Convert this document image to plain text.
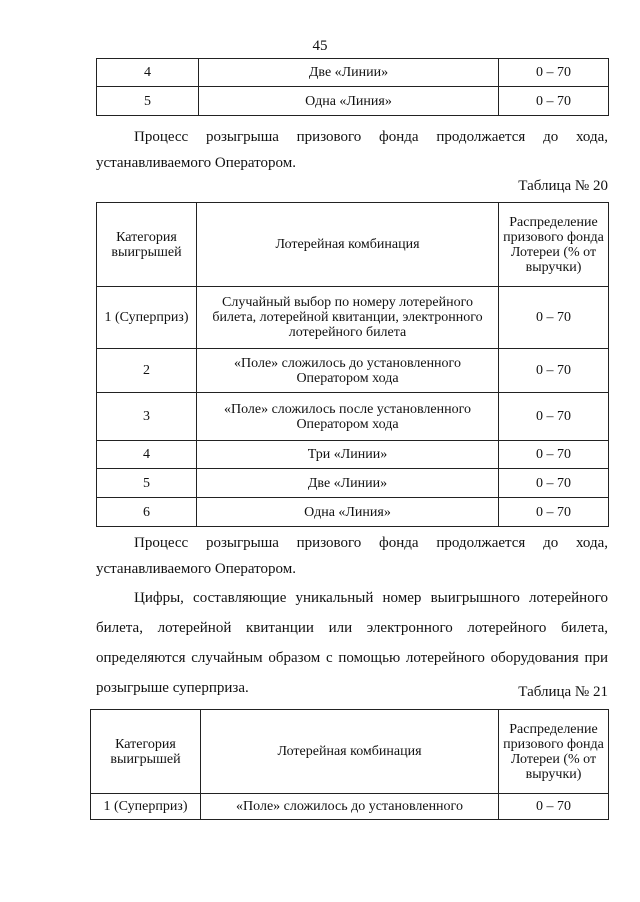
45
4	Две «Линии»	0 – 70
5	Одна «Линия»	0 – 70
Процесс розыгрыша призового фонда продолжается до хода, устанавливаемого Оператором.
Таблица № 20
Категория выигрышей	Лотерейная комбинация	Распределение призового фонда Лотереи (% от выручки)
1 (Суперприз)	Случайный выбор по номеру лотерейного билета, лотерейной квитанции, электронного лотерейного билета	0 – 70
2	«Поле» сложилось до установленного Оператором хода	0 – 70
3	«Поле» сложилось после установленного Оператором хода	0 – 70
4	Три «Линии»	0 – 70
5	Две «Линии»	0 – 70
6	Одна «Линия»	0 – 70
Процесс розыгрыша призового фонда продолжается до хода, устанавливаемого Оператором.
Цифры, составляющие уникальный номер выигрышного лотерейного билета, лотерейной квитанции или электронного лотерейного билета, определяются случайным образом с помощью лотерейного оборудования при розыгрыше суперприза.	Таблица № 21
Категория выигрышей	Лотерейная комбинация	Распределение призового фонда Лотереи (% от выручки)
1 (Суперприз)	«Поле» сложилось до установленного	0 – 70
